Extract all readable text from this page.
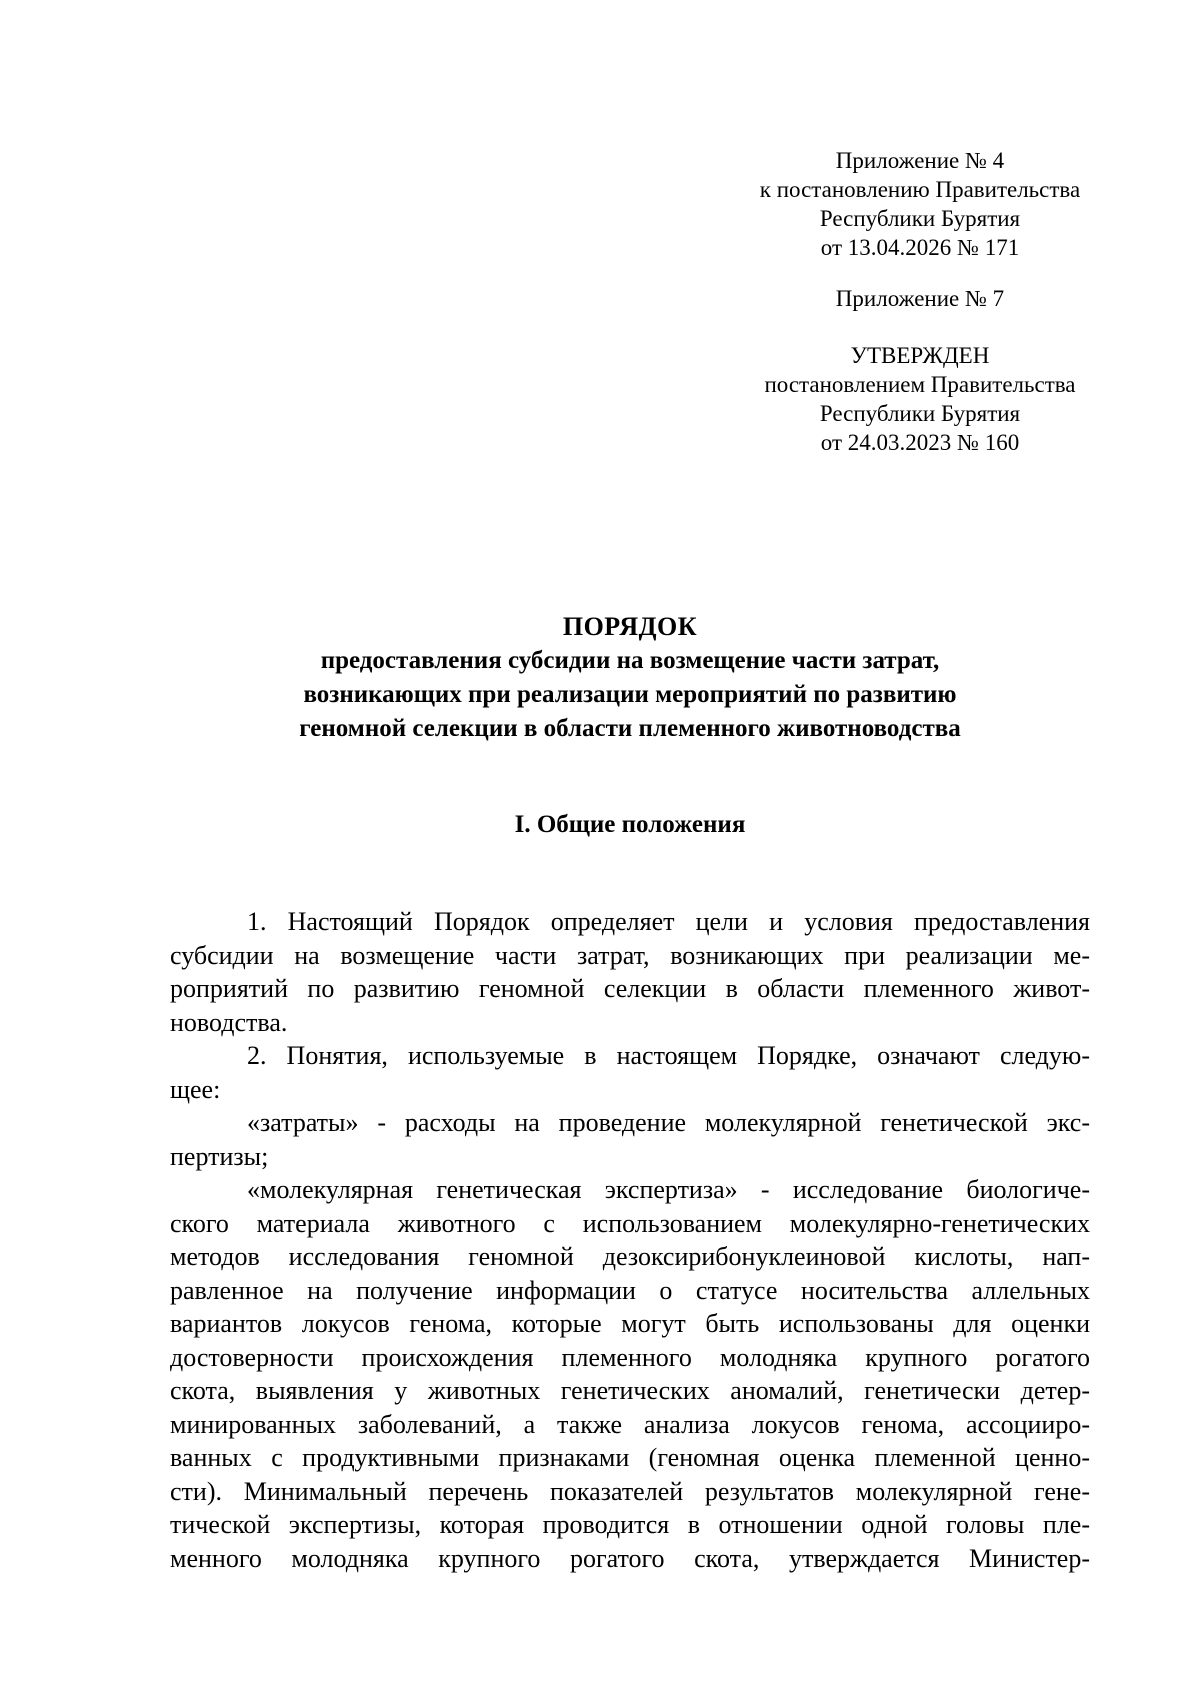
Приложение № 4
к постановлению Правительства
Республики Бурятия
от 13.04.2026 № 171
Приложение № 7
УТВЕРЖДЕН
постановлением Правительства
Республики Бурятия
от 24.03.2023 № 160
ПОРЯДОК
предоставления субсидии на возмещение части затрат,
возникающих при реализации мероприятий по развитию
геномной селекции в области племенного животноводства
I. Общие положения
1. Настоящий Порядок определяет цели и условия предоставления
субсидии на возмещение части затрат, возникающих при реализации ме-
роприятий по развитию геномной селекции в области племенного живот-
новодства.
2. Понятия, используемые в настоящем Порядке, означают следую-
щее:
«затраты» - расходы на проведение молекулярной генетической экс-
пертизы;
«молекулярная генетическая экспертиза» - исследование биологиче-
ского материала животного с использованием молекулярно-генетических
методов исследования геномной дезоксирибонуклеиновой кислоты, нап-
равленное на получение информации о статусе носительства аллельных
вариантов локусов генома, которые могут быть использованы для оценки
достоверности происхождения племенного молодняка крупного рогатого
скота, выявления у животных генетических аномалий, генетически детер-
минированных заболеваний, а также анализа локусов генома, ассоцииро-
ванных с продуктивными признаками (геномная оценка племенной ценно-
сти). Минимальный перечень показателей результатов молекулярной гене-
тической экспертизы, которая проводится в отношении одной головы пле-
менного молодняка крупного рогатого скота, утверждается Министер-
